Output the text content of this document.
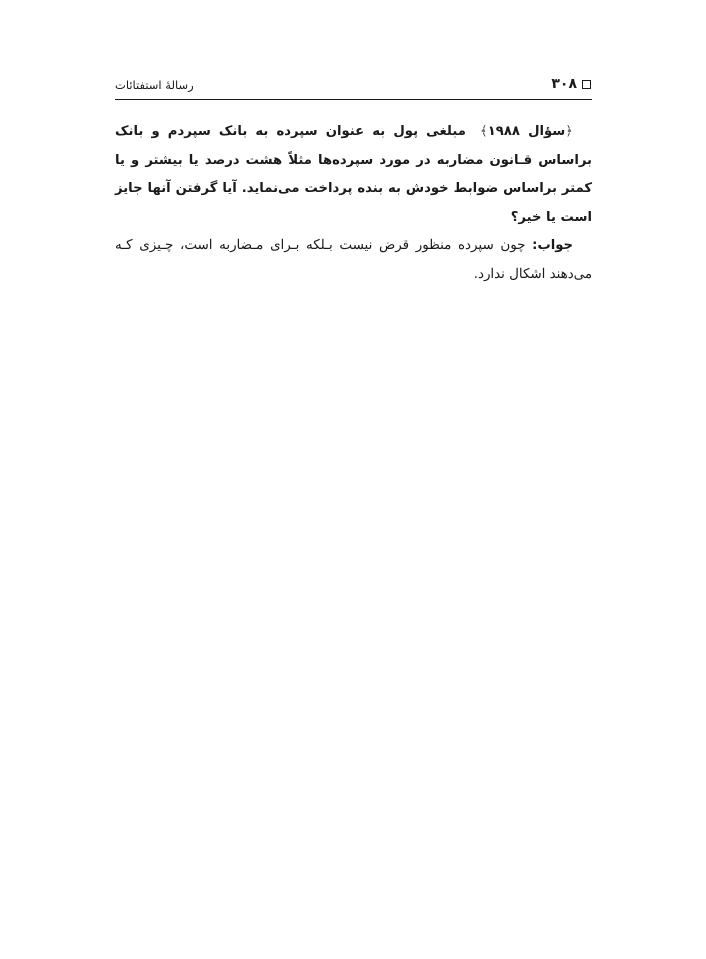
۳۰۸
رسالهٔ استفتائات

﴿سؤال ۱۹۸۸﴾ مبلغی پول به عنوان سپرده به بانک سپردم و بانک براساس قـانون مضاربه در مورد سپرده‌ها مثلاً هشت درصد یا بیشتر و یا کمتر براساس ضوابط خودش به بنده پرداخت می‌نماید. آیا گرفتن آنها جایز است یا خیر؟

جواب: چون سپرده منظور قرض نیست بـلکه بـرای مـضاربه است، چـیزی کـه می‌دهند اشکال ندارد.
